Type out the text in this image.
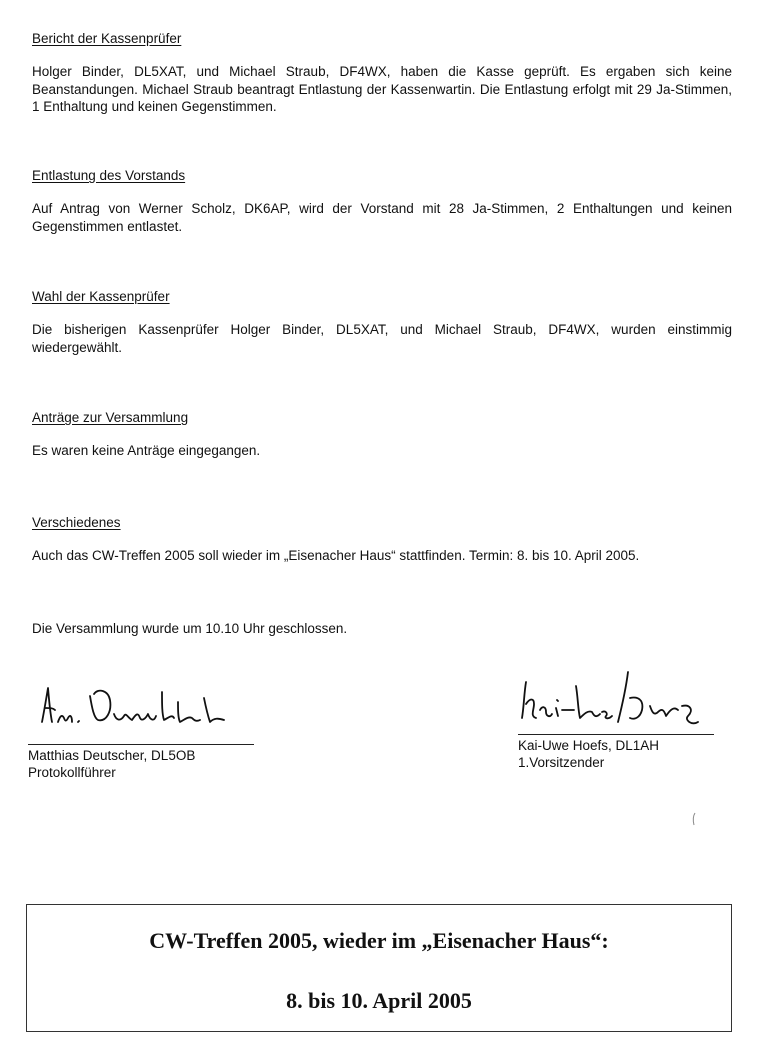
Bericht der Kassenprüfer

Holger Binder, DL5XAT, und Michael Straub, DF4WX, haben die Kasse geprüft. Es ergaben sich keine Beanstandungen. Michael Straub beantragt Entlastung der Kassenwartin. Die Entlastung erfolgt mit 29 Ja-Stimmen, 1 Enthaltung und keinen Gegenstimmen.

Entlastung des Vorstands

Auf Antrag von Werner Scholz, DK6AP, wird der Vorstand mit 28 Ja-Stimmen, 2 Enthaltungen und keinen Gegenstimmen entlastet.

Wahl der Kassenprüfer

Die bisherigen Kassenprüfer Holger Binder, DL5XAT, und Michael Straub, DF4WX, wurden einstimmig wiedergewählt.

Anträge zur Versammlung

Es waren keine Anträge eingegangen.

Verschiedenes

Auch das CW-Treffen 2005 soll wieder im „Eisenacher Haus“ stattfinden. Termin: 8. bis 10. April 2005.

Die Versammlung wurde um 10.10 Uhr geschlossen.
Matthias Deutscher, DL5OB
Protokollführer
Kai-Uwe Hoefs, DL1AH
1.Vorsitzender
CW-Treffen 2005, wieder im „Eisenacher Haus“:
8. bis 10. April 2005
